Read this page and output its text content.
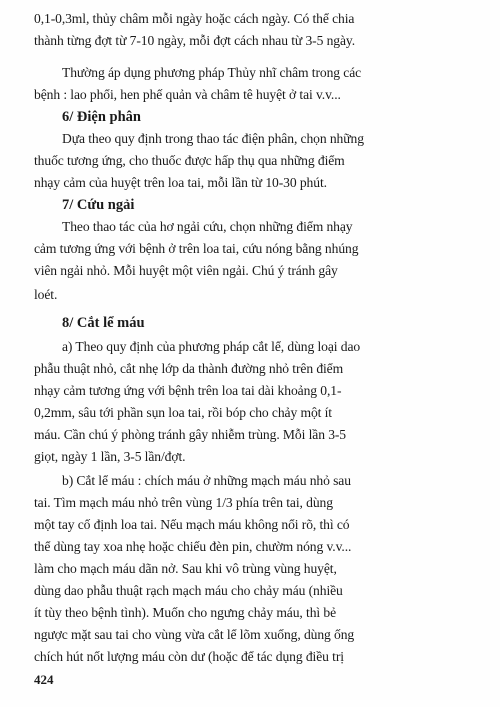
0,1-0,3ml, thủy châm mỗi ngày hoặc cách ngày. Có thể chia
thành từng đợt từ 7-10 ngày, mỗi đợt cách nhau từ 3-5 ngày.
Thường áp dụng phương pháp Thủy nhĩ châm trong các
bệnh : lao phổi, hen phế quản và châm tê huyệt ở tai v.v...
6/ Điện phân
Dựa theo quy định trong thao tác điện phân, chọn những
thuốc tương ứng, cho thuốc được hấp thụ qua những điểm
nhạy cảm của huyệt trên loa tai, mỗi lần từ 10-30 phút.
7/ Cứu ngải
Theo thao tác của hơ ngải cứu, chọn những điểm nhạy
cảm tương ứng với bệnh ở trên loa tai, cứu nóng bằng nhúng
viên ngải nhỏ. Mỗi huyệt một viên ngải. Chú ý tránh gây
loét.
8/ Cắt lể máu
a) Theo quy định của phương pháp cắt lể, dùng loại dao
phẫu thuật nhỏ, cắt nhẹ lớp da thành đường nhỏ trên điểm
nhạy cảm tương ứng với bệnh trên loa tai dài khoảng 0,1-
0,2mm, sâu tới phần sụn loa tai, rồi bóp cho chảy một ít
máu. Cần chú ý phòng tránh gây nhiễm trùng. Mỗi lần 3-5
giọt, ngày 1 lần, 3-5 lần/đợt.
b) Cắt lể máu : chích máu ở những mạch máu nhỏ sau
tai. Tìm mạch máu nhỏ trên vùng 1/3 phía trên tai, dùng
một tay cố định loa tai. Nếu mạch máu không nổi rõ, thì có
thể dùng tay xoa nhẹ hoặc chiếu đèn pin, chườm nóng v.v...
làm cho mạch máu dãn nở. Sau khi vô trùng vùng huyệt,
dùng dao phẫu thuật rạch mạch máu cho chảy máu (nhiều
ít tùy theo bệnh tình). Muốn cho ngưng chảy máu, thì bẻ
ngược mặt sau tai cho vùng vừa cắt lể lõm xuống, dùng ống
chích hút nốt lượng máu còn dư (hoặc để tác dụng điều trị
424
